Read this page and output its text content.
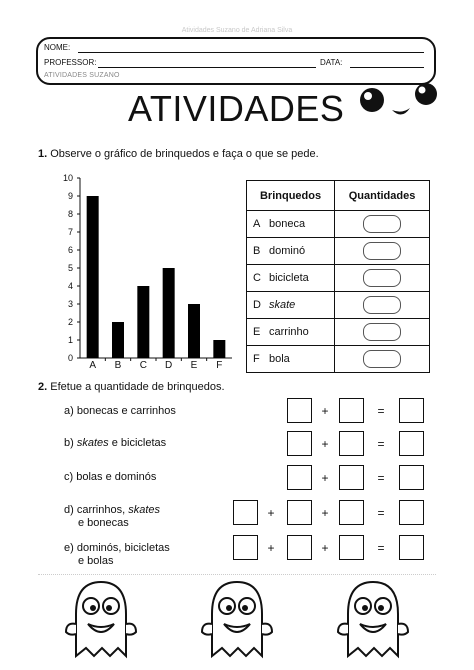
Atividades Suzano de Adriana Silva
NOME:
PROFESSOR:	DATA:
ATIVIDADES SUZANO
ATIVIDADES
1. Observe o gráfico de brinquedos e faça o que se pede.
0
1
2
3
4
5
6
7
8
9
10
A B C D E F
Brinquedos	Quantidades
A boneca	

B dominó	

C bicicleta	

D skate	

E carrinho	

F bola	
2. Efetue a quantidade de brinquedos.
a) bonecas e carrinhos	+	=
b) skates e bicicletas	+	=
c) bolas e dominós	+	=
d) carrinhos, skates
e bonecas
+	+	=
e) dominós, bicicletas
e bolas
+	+	=
